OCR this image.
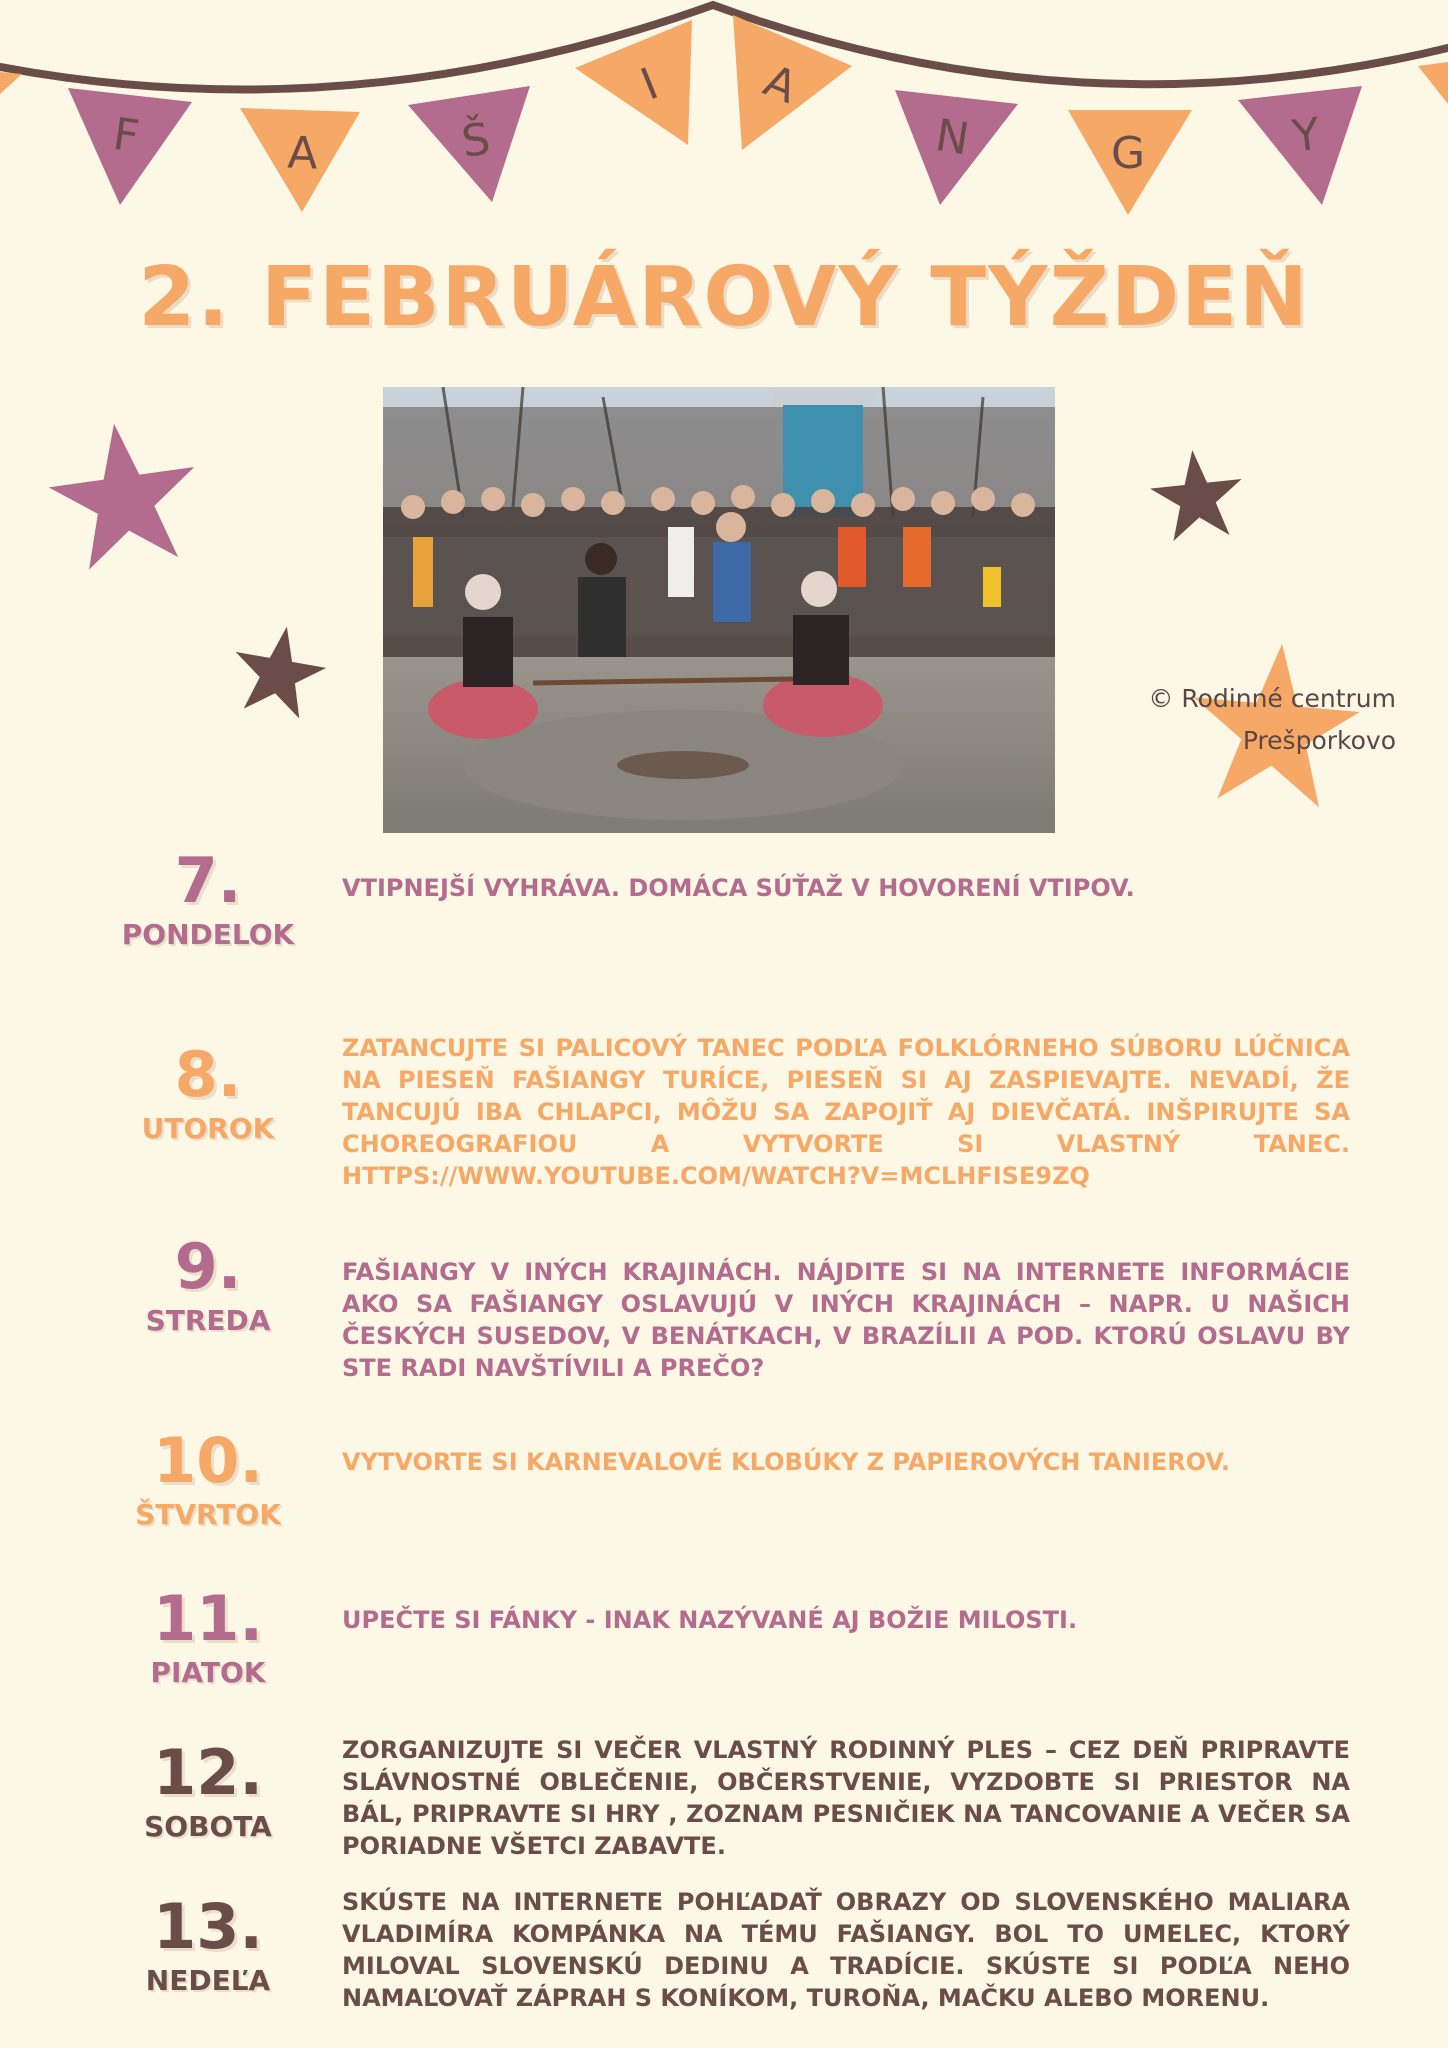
F	A	Š
I A
N	G	Y
2. FEBRUÁROVÝ TÝŽDEŇ
© Rodinné centrum
Prešporkovo
7.
PONDELOK
VTIPNEJŠÍ VYHRÁVA. DOMÁCA SÚŤAŽ V HOVORENÍ VTIPOV.
8.
UTOROK
ZATANCUJTE SI PALICOVÝ TANEC PODĽA FOLKLÓRNEHO SÚBORU LÚČNICA NA PIESEŇ FAŠIANGY TURÍCE, PIESEŇ SI AJ ZASPIEVAJTE. NEVADÍ, ŽE TANCUJÚ IBA CHLAPCI, MÔŽU SA ZAPOJIŤ AJ DIEVČATÁ. INŠPIRUJTE SA CHOREOGRAFIOU A VYTVORTE SI VLASTNÝ TANEC. HTTPS://WWW.YOUTUBE.COM/WATCH?V=MCLHFISE9ZQ
9.
STREDA
FAŠIANGY V INÝCH KRAJINÁCH. NÁJDITE SI NA INTERNETE INFORMÁCIE AKO SA FAŠIANGY OSLAVUJÚ V INÝCH KRAJINÁCH – NAPR. U NAŠICH ČESKÝCH SUSEDOV, V BENÁTKACH, V BRAZÍLII A POD. KTORÚ OSLAVU BY STE RADI NAVŠTÍVILI A PREČO?
10.
ŠTVRTOK
VYTVORTE SI KARNEVALOVÉ KLOBÚKY Z PAPIEROVÝCH TANIEROV.
11.
PIATOK
UPEČTE SI FÁNKY - INAK NAZÝVANÉ AJ BOŽIE MILOSTI.
12.
SOBOTA
ZORGANIZUJTE SI VEČER VLASTNÝ RODINNÝ PLES – CEZ DEŇ PRIPRAVTE SLÁVNOSTNÉ OBLEČENIE, OBČERSTVENIE, VYZDOBTE SI PRIESTOR NA BÁL, PRIPRAVTE SI HRY , ZOZNAM PESNIČIEK NA TANCOVANIE A VEČER SA PORIADNE VŠETCI ZABAVTE.
13.
NEDEĽA
SKÚSTE NA INTERNETE POHĽADAŤ OBRAZY OD SLOVENSKÉHO MALIARA VLADIMÍRA KOMPÁNKA NA TÉMU FAŠIANGY. BOL TO UMELEC, KTORÝ MILOVAL SLOVENSKÚ DEDINU A TRADÍCIE. SKÚSTE SI PODĽA NEHO NAMAĽOVAŤ ZÁPRAH S KONÍKOM, TUROŇA, MAČKU ALEBO MORENU.
